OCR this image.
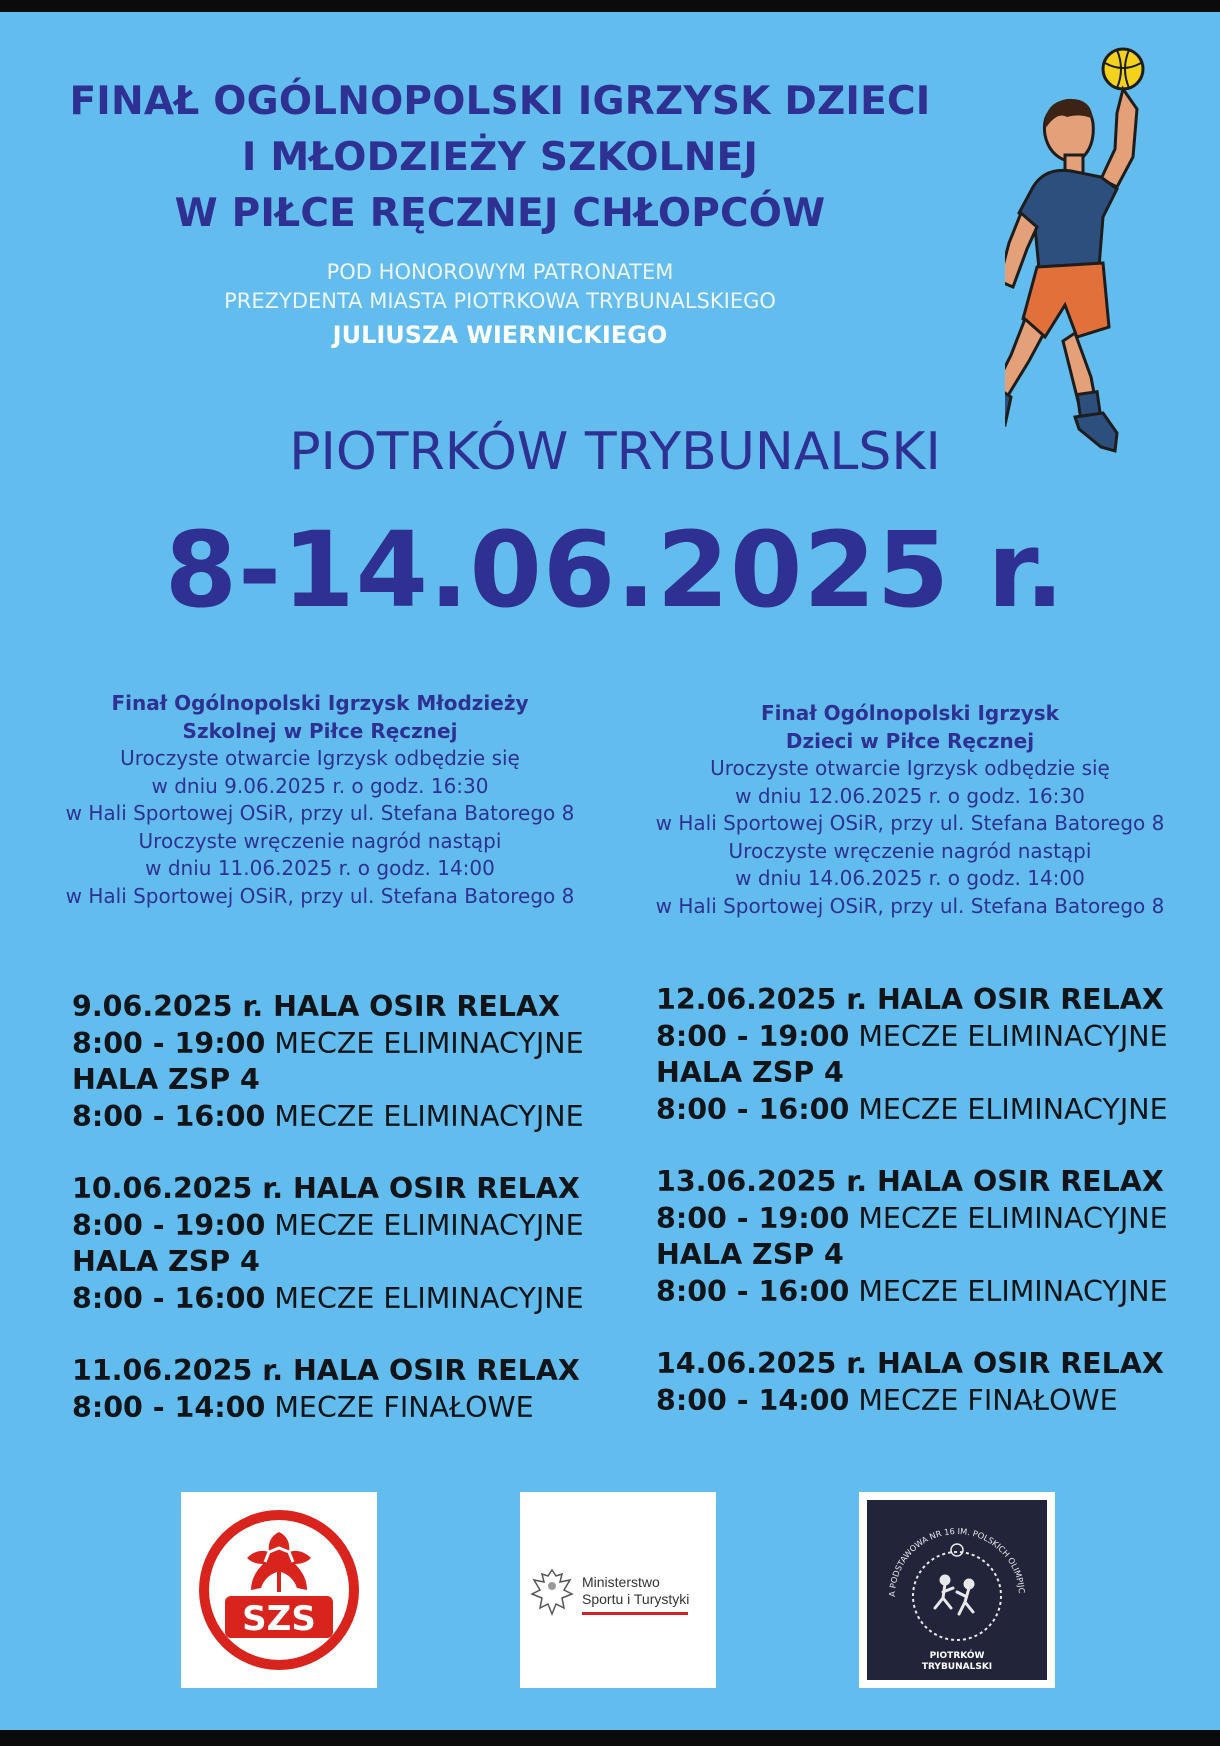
FINAŁ OGÓLNOPOLSKI IGRZYSK DZIECI
I MŁODZIEŻY SZKOLNEJ
W PIŁCE RĘCZNEJ CHŁOPCÓW
POD HONOROWYM PATRONATEM
PREZYDENTA MIASTA PIOTRKOWA TRYBUNALSKIEGO
JULIUSZA WIERNICKIEGO
PIOTRKÓW TRYBUNALSKI
8-14.06.2025 r.
Finał Ogólnopolski Igrzysk Młodzieży
Szkolnej w Piłce Ręcznej
Uroczyste otwarcie Igrzysk odbędzie się
w dniu 9.06.2025 r. o godz. 16:30
w Hali Sportowej OSiR, przy ul. Stefana Batorego 8
Uroczyste wręczenie nagród nastąpi
w dniu 11.06.2025 r. o godz. 14:00
w Hali Sportowej OSiR, przy ul. Stefana Batorego 8
Finał Ogólnopolski Igrzysk
Dzieci w Piłce Ręcznej
Uroczyste otwarcie Igrzysk odbędzie się
w dniu 12.06.2025 r. o godz. 16:30
w Hali Sportowej OSiR, przy ul. Stefana Batorego 8
Uroczyste wręczenie nagród nastąpi
w dniu 14.06.2025 r. o godz. 14:00
w Hali Sportowej OSiR, przy ul. Stefana Batorego 8
9.06.2025 r. HALA OSIR RELAX
8:00 - 19:00 MECZE ELIMINACYJNE
HALA ZSP 4
8:00 - 16:00 MECZE ELIMINACYJNE
10.06.2025 r. HALA OSIR RELAX
8:00 - 19:00 MECZE ELIMINACYJNE
HALA ZSP 4
8:00 - 16:00 MECZE ELIMINACYJNE
11.06.2025 r. HALA OSIR RELAX
8:00 - 14:00 MECZE FINAŁOWE
12.06.2025 r. HALA OSIR RELAX
8:00 - 19:00 MECZE ELIMINACYJNE
HALA ZSP 4
8:00 - 16:00 MECZE ELIMINACYJNE
13.06.2025 r. HALA OSIR RELAX
8:00 - 19:00 MECZE ELIMINACYJNE
HALA ZSP 4
8:00 - 16:00 MECZE ELIMINACYJNE
14.06.2025 r. HALA OSIR RELAX
8:00 - 14:00 MECZE FINAŁOWE
SZS
Ministerstwo
Sportu i Turystyki	A PODSTAWOWA NR 16 IM. POLSKICH OLIMPIJC
PIOTRKÓW
TRYBUNALSKI
